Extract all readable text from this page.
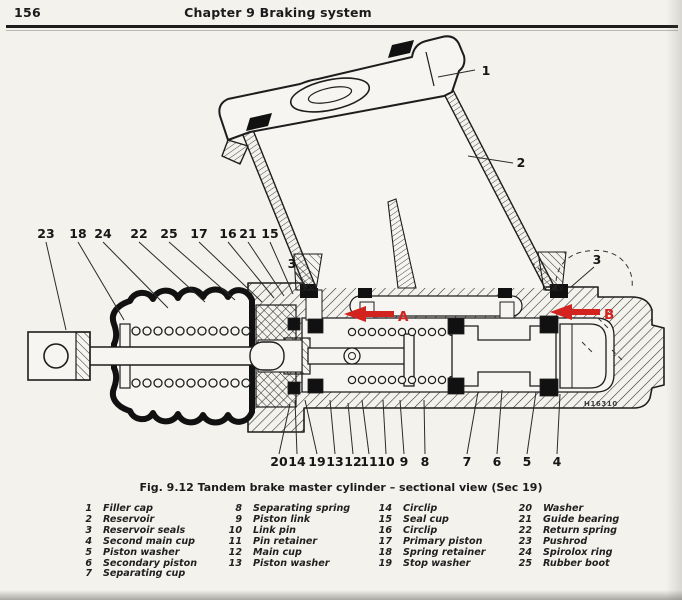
156	Chapter 9 Braking system
23 18 24 22 25 17 16 21 15
1
2
3	3
20 14 19 13 12
11 10 9 8	7 6 5 4
A	B
H16310
Fig. 9.12 Tandem brake master cylinder – sectional view (Sec 19)
1 Filler cap
2 Reservoir
3 Reservoir seals
4 Second main cup
5 Piston washer
6 Secondary piston
7 Separating cup
8 Separating spring
9 Piston link
10 Link pin
11 Pin retainer
12 Main cup
13 Piston washer
14 Circlip
15 Seal cup
16 Circlip
17 Primary piston
18 Spring retainer
19 Stop washer
20 Washer
21 Guide bearing
22 Return spring
23 Pushrod
24 Spirolox ring
25 Rubber boot
